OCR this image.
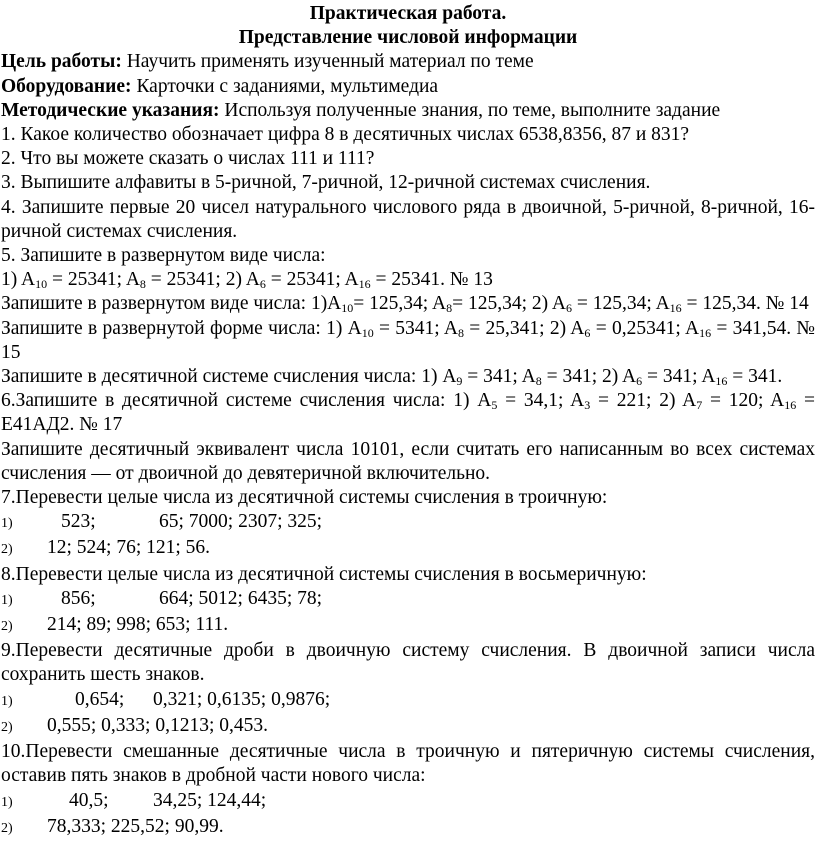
Практическая работа.

Представление числовой информации

Цель работы: Научить применять изученный материал по теме

Оборудование: Карточки с заданиями, мультимедиа

Методические указания: Используя полученные знания, по теме, выполните задание

1. Какое количество обозначает цифра 8 в десятичных числах 6538,8356, 87 и 831?

2. Что вы можете сказать о числах 111 и 111?

3. Выпишите алфавиты в 5-ричной, 7-ричной, 12-ричной системах счисления.

4. Запишите первые 20 чисел натурального числового ряда в двоичной, 5-ричной, 8-ричной, 16-ричной системах счисления.

5. Запишите в развернутом виде числа:

1) $A_{10} = 25341$; $A_8 = 25341$; 2) $A_6 = 25341$; $A_{16} = 25341$. № 13

Запишите в развернутом виде числа: $1)A_{10}= 125,34$; $A_8= 125,34$; 2) $A_6 = 125,34$; $A_{16} = 125,34$. № 14

Запишите в развернутой форме числа: 1) $A_{10} = 5341$; $A_8 = 25,341$; 2) $A_6 = 0,25341$; $A_{16} = 341,54$. № 15

Запишите в десятичной системе счисления числа: 1) $A_9 = 341$; $A_8 = 341$; 2) $A_6 = 341$; $A_{16} = 341$.

6.Запишите в десятичной системе счисления числа: 1) $A_5 = 34,1$; $A_3 = 221$; 2) $A_7 = 120$; $A_{16} = E41АД2$. № 17

Запишите десятичный эквивалент числа 10101, если считать его написанным во всех системах счисления — от двоичной до девятеричной включительно.

7.Перевести целые числа из десятичной системы счисления в троичную:

1)	523;	65; 7000; 2307; 325;
2)	12; 524; 76; 121; 56.

8.Перевести целые числа из десятичной системы счисления в восьмеричную:

1)	856;	664; 5012; 6435; 78;
2)	214; 89; 998; 653; 111.

9.Перевести десятичные дроби в двоичную систему счисления. В двоичной записи числа сохранить шесть знаков.

1)	0,654;	0,321; 0,6135; 0,9876;
2)	0,555; 0,333; 0,1213; 0,453.

10.Перевести смешанные десятичные числа в троичную и пятеричную системы счисления, оставив пять знаков в дробной части нового числа:

1)	40,5;	34,25; 124,44;
2)	78,333; 225,52; 90,99.
